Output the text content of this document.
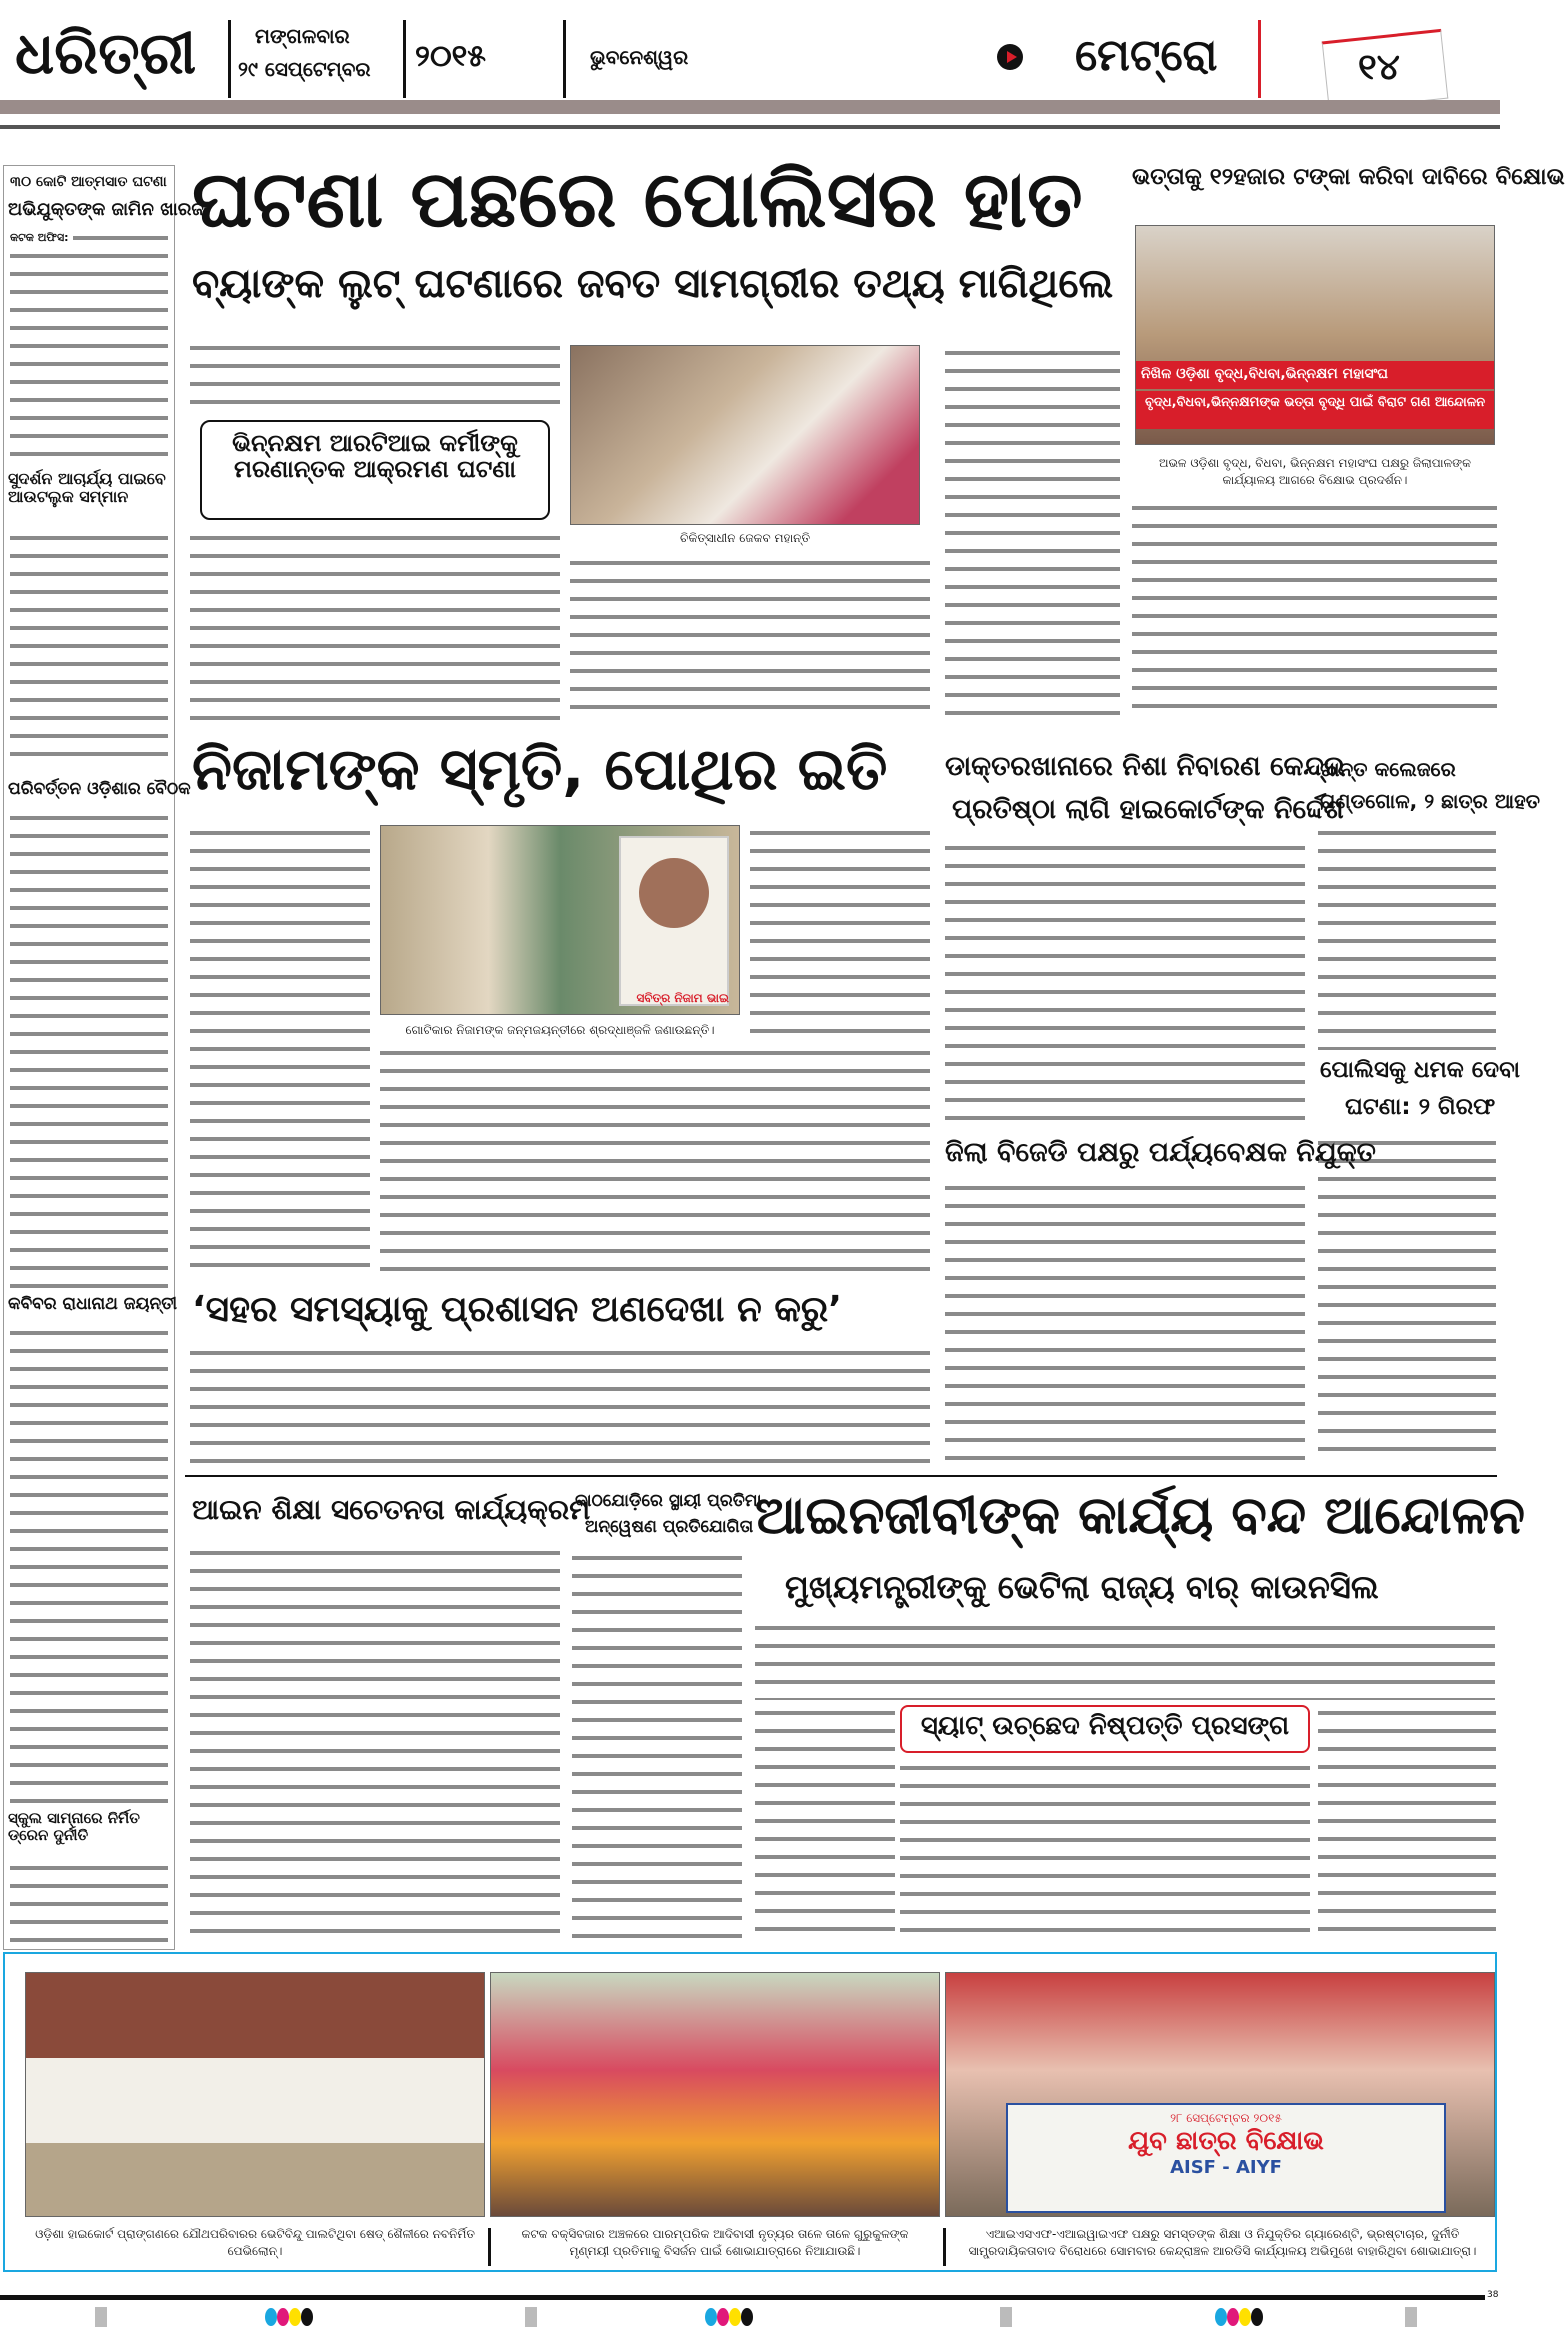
ଧରିତ୍ରୀ	ମଙ୍ଗଳବାର
୨୯ ସେପ୍ଟେମ୍ବର ୨୦୧୫	ଭୁବନେଶ୍ୱର	ମେଟ୍ରୋ	୧୪
୩୦ କୋଟି ଆତ୍ମସାତ ଘଟଣା
ଅଭିଯୁକ୍ତଙ୍କ ଜାମିନ ଖାରଜ
କଟକ ଅଫିସ:
ସୁଦର୍ଶନ ଆଚାର୍ଯ୍ୟ ପାଇବେ ଆଉଟଲୁକ ସମ୍ମାନ
ପରିବର୍ତ୍ତନ ଓଡ଼ିଶାର ବୈଠକ
କବିବର ରାଧାନାଥ ଜୟନ୍ତୀ
ସ୍କୁଲ ସାମ୍ନାରେ ନିର୍ମିତ ଡ୍ରେନ ଦୁର୍ନୀତି
ଘଟଣା ପଛରେ ପୋଲିସର ହାତ
ବ୍ୟାଙ୍କ ଲୁଟ୍ ଘଟଣାରେ ଜବତ ସାମଗ୍ରୀର ତଥ୍ୟ ମାଗିଥିଲେ
ଭିନ୍ନକ୍ଷମ ଆରଟିଆଇ କର୍ମୀଙ୍କୁ ମରଣାନ୍ତକ ଆକ୍ରମଣ ଘଟଣା
ଚିକିତ୍ସାଧୀନ ଜେକବ ମହାନ୍ତି
ଭତ୍ତାକୁ ୧୨ହଜାର ଟଙ୍କା କରିବା ଦାବିରେ ବିକ୍ଷୋଭ
ନିଖିଳ ଓଡ଼ିଶା ବୃଦ୍ଧ,ବିଧବା,ଭିନ୍ନକ୍ଷମ ମହାସଂଘ
ବୃଦ୍ଧ,ବିଧବା,ଭିନ୍ନକ୍ଷମଙ୍କ ଭତ୍ତା ବୃଦ୍ଧି ପାଇଁ ବିରାଟ ଗଣ ଆନ୍ଦୋଳନ
ଅଭଳ ଓଡ଼ିଶା ବୃଦ୍ଧ, ବିଧବା, ଭିନ୍ନକ୍ଷମ ମହାସଂଘ ପକ୍ଷରୁ ଜିଲାପାଳଙ୍କ କାର୍ଯ୍ୟାଳୟ ଆଗରେ ବିକ୍ଷୋଭ ପ୍ରଦର୍ଶନ।
ନିଜାମଙ୍କ ସ୍ମୃତି, ପୋଥିର ଇତି
ସବିତ୍ର ନିଜାମ ଭାଇ
ଗୋଟିକାର ନିଜାମଙ୍କ ଜନ୍ମଜୟନ୍ତୀରେ ଶ୍ରଦ୍ଧାଞ୍ଜଳି ଜଣାଉଛନ୍ତି।
ଡାକ୍ତରଖାନାରେ ନିଶା ନିବାରଣ କେନ୍ଦ୍ର
ପ୍ରତିଷ୍ଠା ଲାଗି ହାଇକୋର୍ଟଙ୍କ ନିର୍ଦ୍ଦେଶ
ଖାନ୍ତ କଲେଜରେ
ଗଣ୍ଡଗୋଳ, ୨ ଛାତ୍ର ଆହତ
ପୋଲିସକୁ ଧମକ ଦେବା
ଘଟଣା: ୨ ଗିରଫ
ଜିଲା ବିଜେଡି ପକ୍ଷରୁ ପର୍ଯ୍ୟବେକ୍ଷକ ନିଯୁକ୍ତ
‘ସହର ସମସ୍ୟାକୁ ପ୍ରଶାସନ ଅଣଦେଖା ନ କରୁ’
ଆଇନ ଶିକ୍ଷା ସଚେତନତା କାର୍ଯ୍ୟକ୍ରମ
କାଠଯୋଡ଼ିରେ ସ୍ଥାୟୀ ପ୍ରତିମା
ଅନ୍ୱେଷଣ ପ୍ରତିଯୋଗିତା ଆଇନଜୀବୀଙ୍କ କାର୍ଯ୍ୟ ବନ୍ଦ ଆନ୍ଦୋଳନ
ମୁଖ୍ୟମନ୍ତ୍ରୀଙ୍କୁ ଭେଟିଲା ରାଜ୍ୟ ବାର୍ କାଉନସିଲ
ସ୍ୟାଟ୍ ଉଚ୍ଛେଦ ନିଷ୍ପତ୍ତି ପ୍ରସଙ୍ଗ
୨୮ ସେପ୍ଟେମ୍ବର ୨୦୧୫
ଯୁବ ଛାତ୍ର ବିକ୍ଷୋଭ
AISF - AIYF
ଓଡ଼ିଶା ହାଇକୋର୍ଟ ପ୍ରାଙ୍ଗଣରେ ଯୌଥପରିବାରର ଭେଟିବିନ୍ଦୁ ପାଲଟିଥିବା ଷେଡ୍ ଶୈଳୀରେ ନବନିର୍ମିତ ପେଭିଲୋନ୍।
କଟକ ବକ୍ସିବଜାର ଅଞ୍ଚଳରେ ପାରମ୍ପରିକ ଆଦିବାସୀ ନୃତ୍ୟର ତାଳେ ତାଳେ ଗୁରୁକୁଳଙ୍କ ମୃଣ୍ମୟୀ ପ୍ରତିମାକୁ ବିସର୍ଜନ ପାଇଁ ଶୋଭାଯାତ୍ରାରେ ନିଆଯାଉଛି।
ଏଆଇଏସଏଫ-ଏଆଇୱାଇଏଫ ପକ୍ଷରୁ ସମସ୍ତଙ୍କ ଶିକ୍ଷା ଓ ନିଯୁକ୍ତିର ଗ୍ୟାରେଣ୍ଟି, ଭ୍ରଷ୍ଟାଚାର, ଦୁର୍ନୀତି ସାମ୍ପ୍ରଦାୟିକତାବାଦ ବିରୋଧରେ ସୋମବାର କେନ୍ଦ୍ରାଞ୍ଚଳ ଆରଡିସି କାର୍ଯ୍ୟାଳୟ ଅଭିମୁଖେ ବାହାରିଥିବା ଶୋଭାଯାତ୍ରା।
38
